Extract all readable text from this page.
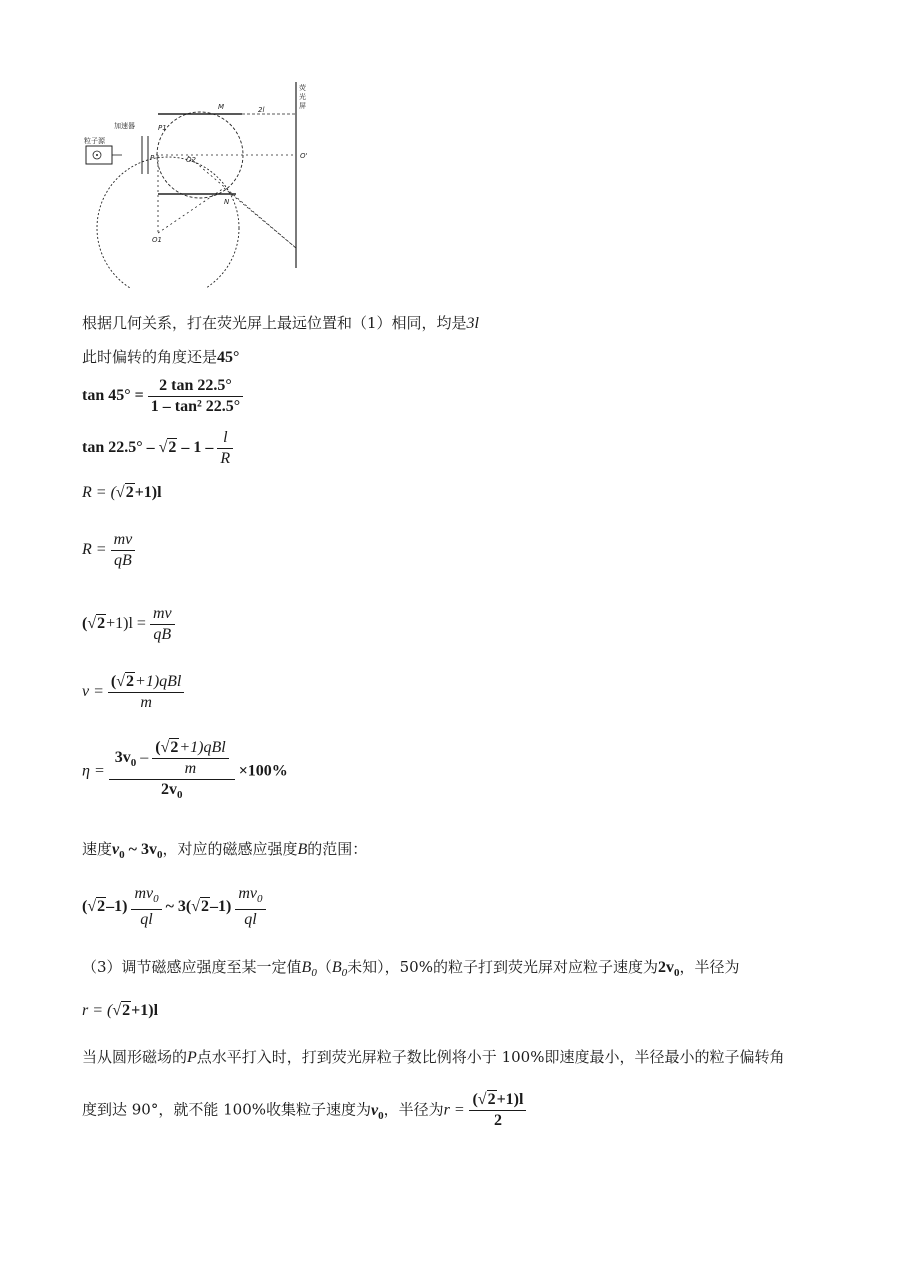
粒子源
加速器
M	2l
N
O'
荧
光
屏
O1
P
P1
O2
根据几何关系，打在荧光屏上最远位置和（1）相同，均是3l
此时偏转的角度还是45°
$\tan 45^\circ = \frac{2 \tan 22.5^\circ}{\text{1 – tan² 22.5°}}$
$\tan 22.5^\circ - √2 - 1 - \frac{l}{R}$
R = (√2+1)l
$R = \frac{mv}{qB}$
$(√2+1)l = \frac{mv}{qB}$
$v = \frac{\text{(√2+1)qBl}}{m}$
$\eta = \frac{3v_0 - \frac{\text{(√2+1)qBl}}{m}}{2v_0} \times 100\%$
速度$v_0$ ~ $3v_0$，对应的磁感应强度B的范围：
$(√2-1) \frac{mv_0}{ql}$ ~ $3(√2-1) \frac{mv_0}{ql}$
（3）调节磁感应强度至某一定值$B_0(B_0$未知），50%的粒子打到荧光屏对应粒子速度为$2v_0$，半径为
r = (√2+1)l
当从圆形磁场的P点水平打入时，打到荧光屏粒子数比例将小于 100%即速度最小，半径最小的粒子偏转角
度到达 90°，就不能 100%收集粒子速度为$v_0$，半径为$r = \frac{(√2+1)l}{2}$
